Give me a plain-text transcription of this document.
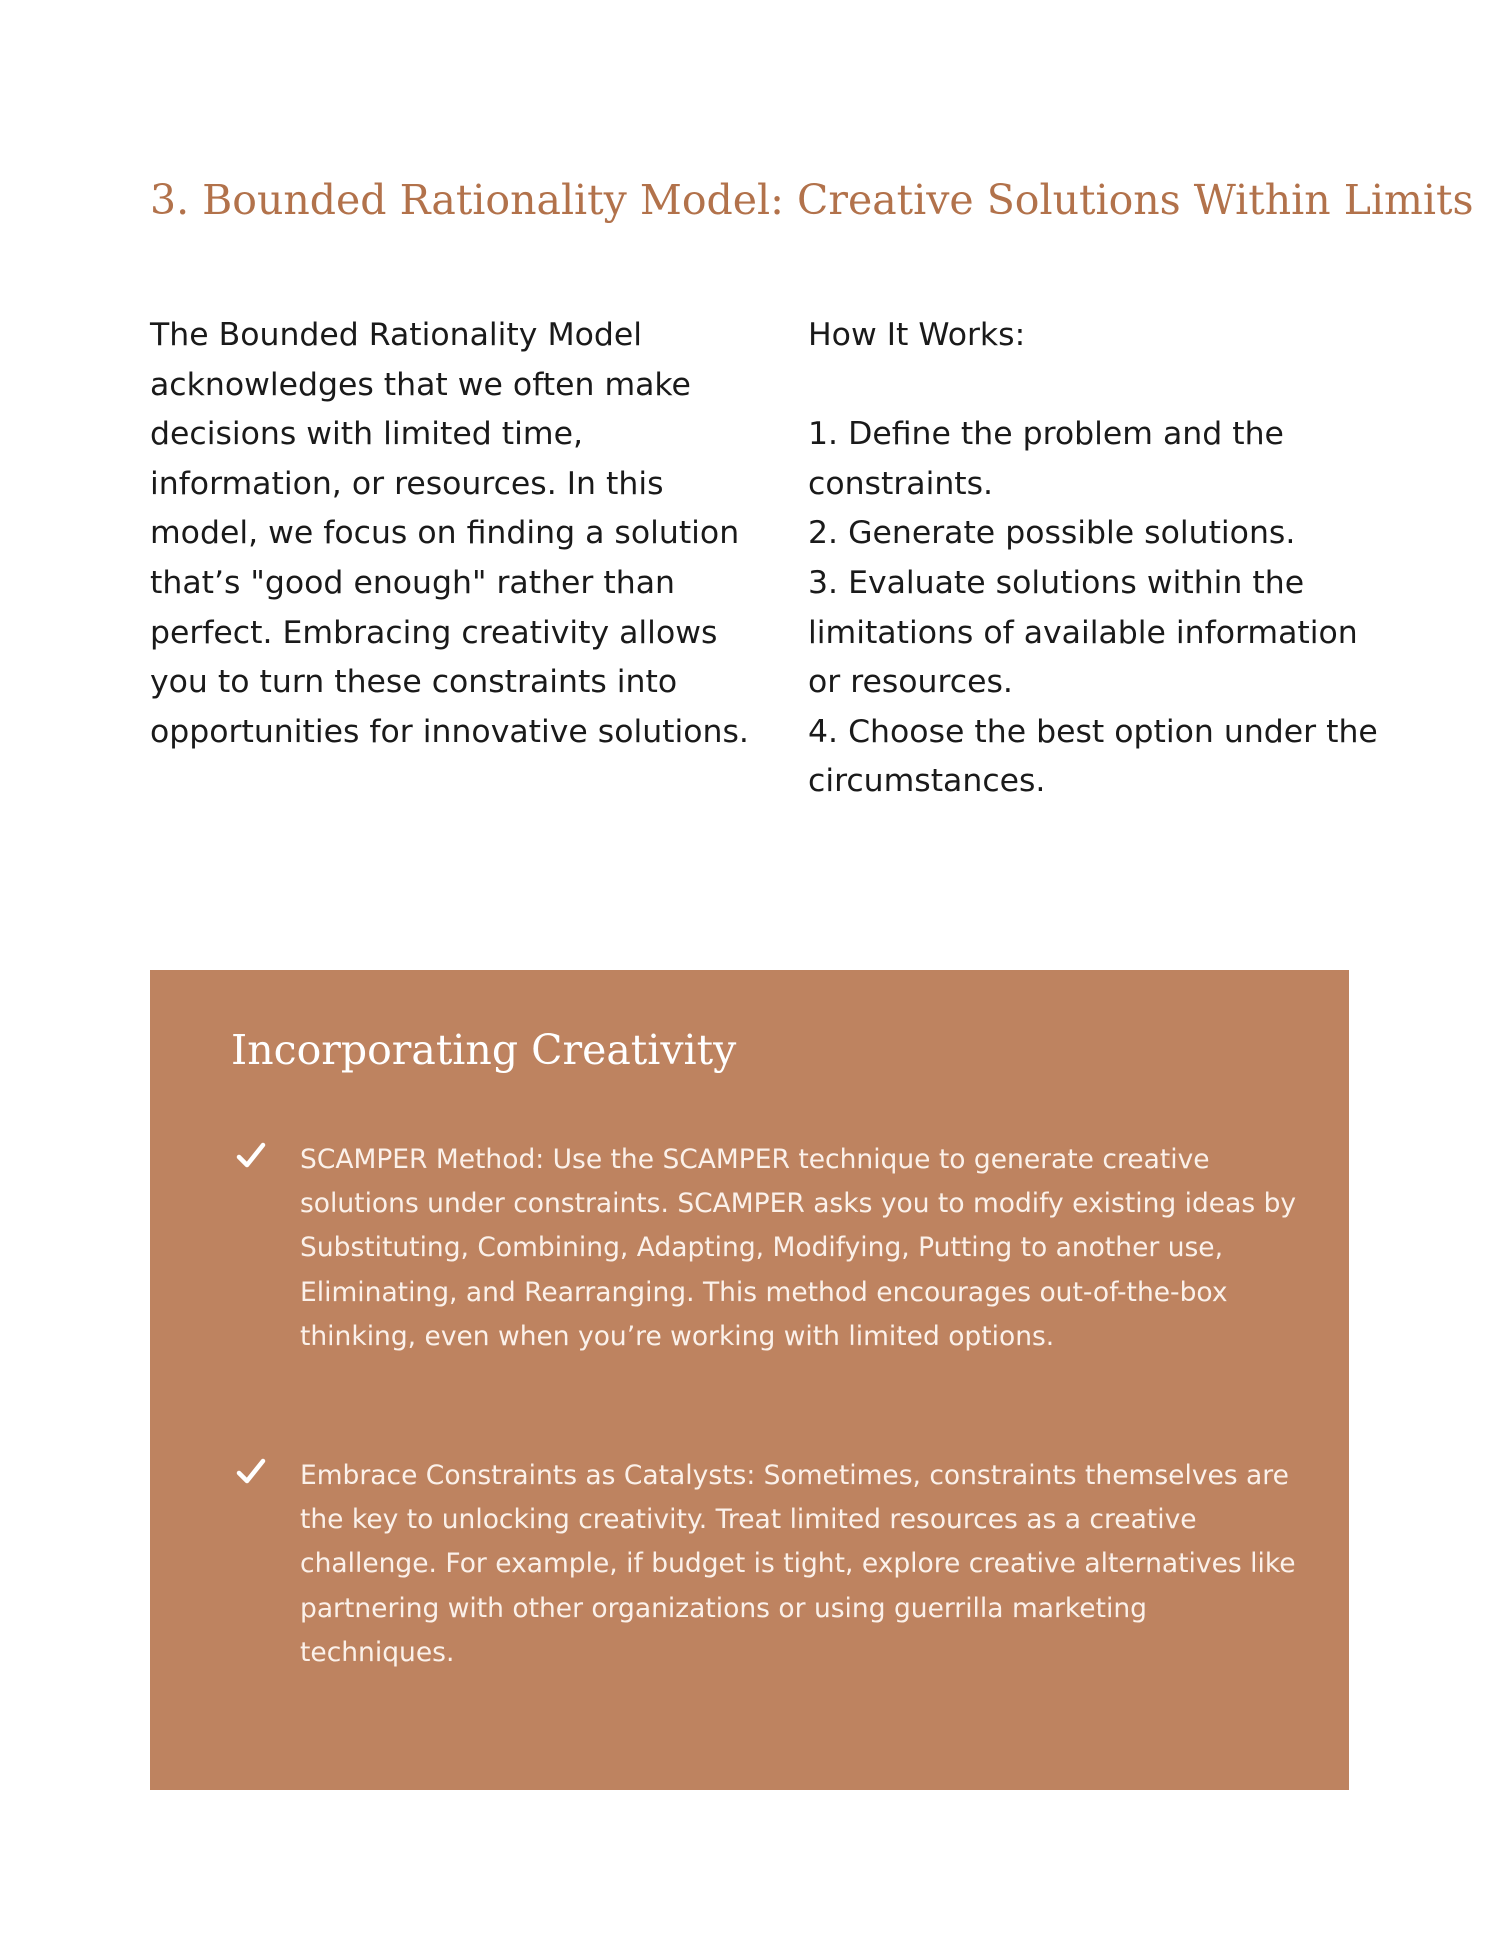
3. Bounded Rationality Model: Creative Solutions Within Limits

The Bounded Rationality Model acknowledges that we often make decisions with limited time, information, or resources. In this model, we focus on finding a solution that’s "good enough" rather than perfect. Embracing creativity allows you to turn these constraints into opportunities for innovative solutions.

How It Works:

1. Define the problem and the constraints.

2. Generate possible solutions.

3. Evaluate solutions within the limitations of available information or resources.

4. Choose the best option under the circumstances.

Incorporating Creativity

SCAMPER Method: Use the SCAMPER technique to generate creative solutions under constraints. SCAMPER asks you to modify existing ideas by Substituting, Combining, Adapting, Modifying, Putting to another use, Eliminating, and Rearranging. This method encourages out-of-the-box thinking, even when you’re working with limited options.

Embrace Constraints as Catalysts: Sometimes, constraints themselves are the key to unlocking creativity. Treat limited resources as a creative challenge. For example, if budget is tight, explore creative alternatives like partnering with other organizations or using guerrilla marketing techniques.
